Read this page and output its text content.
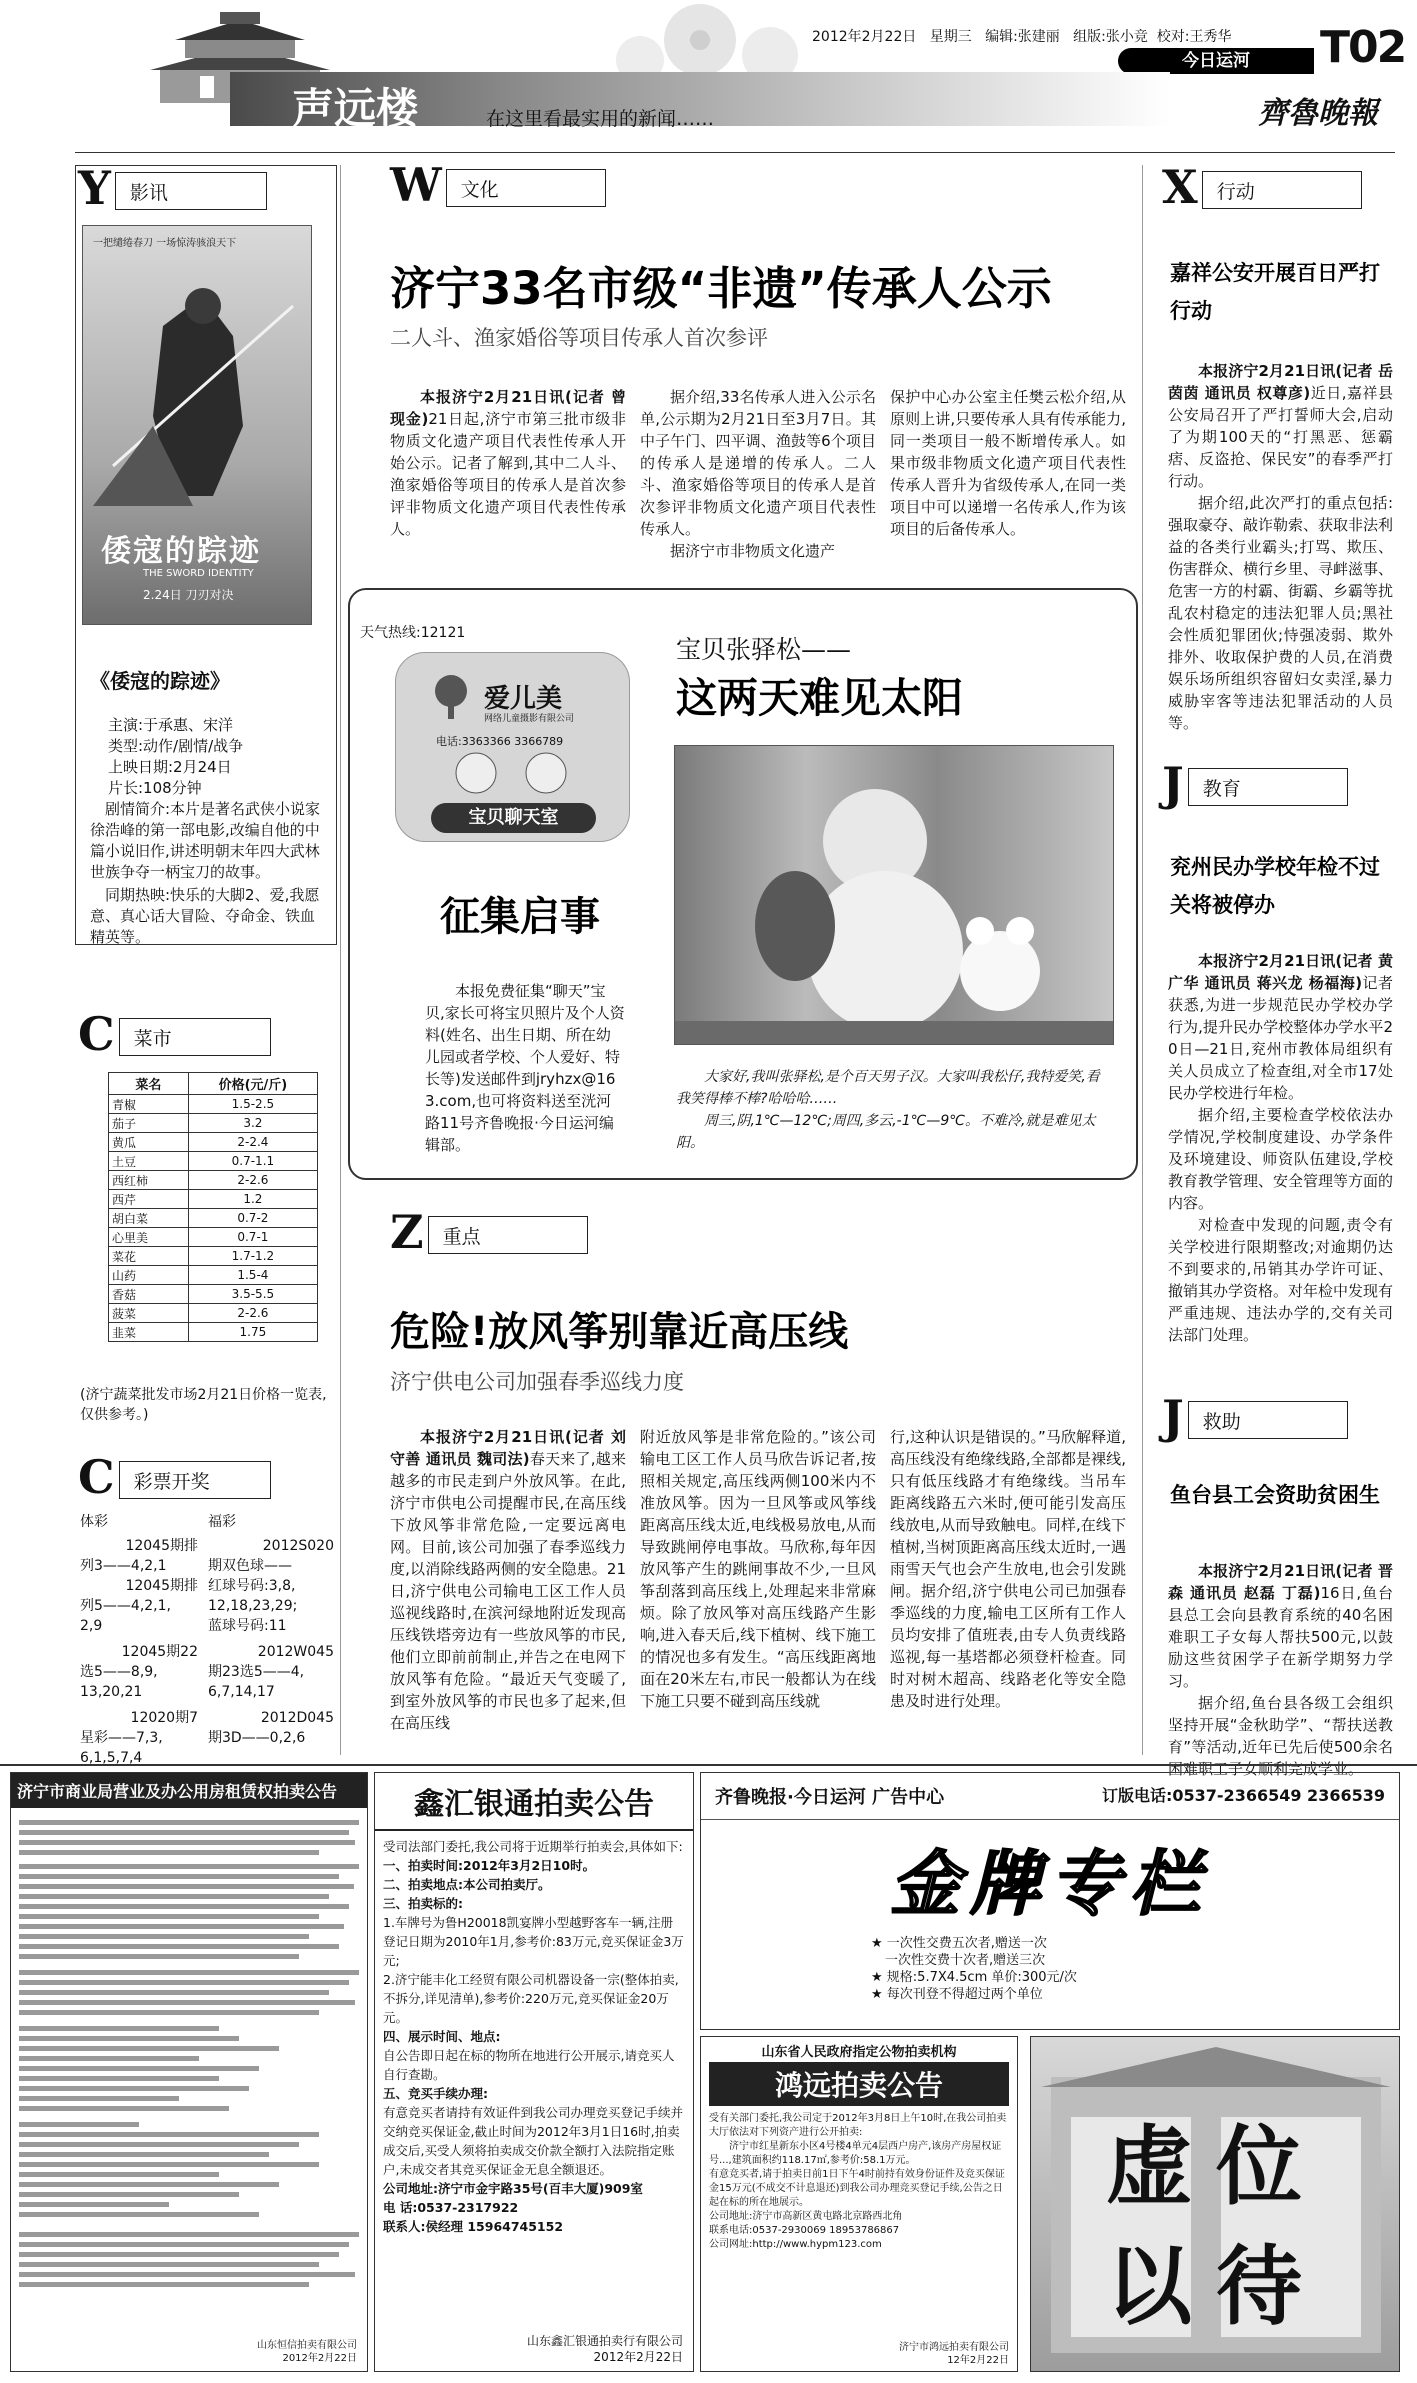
2012年2月22日 星期三 编辑:张建丽 组版:张小竞 校对:王秀华
今日运河	T02
齊魯晚報
声远楼	在这里看最实用的新闻……
Y	影讯
一把缱绻春刀 一场惊涛骇浪天下
倭寇的踪迹
THE SWORD IDENTITY
2.24日 刀刃对决
《倭寇的踪迹》

主演:于承惠、宋洋

类型:动作/剧情/战争

上映日期:2月24日

片长:108分钟

剧情简介:本片是著名武侠小说家徐浩峰的第一部电影,改编自他的中篇小说旧作,讲述明朝末年四大武林世族争夺一柄宝刀的故事。

同期热映:快乐的大脚2、爱,我愿意、真心话大冒险、夺命金、铁血精英等。

C	菜市
菜名	价格(元/斤)
青椒	1.5-2.5
茄子	3.2
黄瓜	2-2.4
土豆	0.7-1.1
西红柿	2-2.6
西芹	1.2
胡白菜	0.7-2
心里美	0.7-1
菜花	1.7-1.2
山药	1.5-4
香菇	3.5-5.5
菠菜	2-2.6
韭菜	1.75
(济宁蔬菜批发市场2月21日价格一览表,仅供参考。)
C	彩票开奖

体彩

12045期排

列3——4,2,1

12045期排

列5——4,2,1,

2,9

12045期22

选5——8,9,

13,20,21

12020期7

星彩——7,3,

6,1,5,7,4

福彩

2012S020

期双色球——

红球号码:3,8,

12,18,23,29;

蓝球号码:11

2012W045

期23选5——4,

6,7,14,17

2012D045

期3D——0,2,6

W	文化
济宁33名市级“非遗”传承人公示
二人斗、渔家婚俗等项目传承人首次参评

本报济宁2月21日讯(记者 曾现金)21日起,济宁市第三批市级非物质文化遗产项目代表性传承人开始公示。记者了解到,其中二人斗、渔家婚俗等项目的传承人是首次参评非物质文化遗产项目代表性传承人。

据介绍,33名传承人进入公示名单,公示期为2月21日至3月7日。其中子午门、四平调、渔鼓等6个项目的传承人是递增的传承人。二人斗、渔家婚俗等项目的传承人是首次参评非物质文化遗产项目代表性传承人。

据济宁市非物质文化遗产

保护中心办公室主任樊云松介绍,从原则上讲,只要传承人具有传承能力,同一类项目一般不断增传承人。如果市级非物质文化遗产项目代表性传承人晋升为省级传承人,在同一类项目中可以递增一名传承人,作为该项目的后备传承人。

天气热线:12121
爱儿美
网络儿童摄影有限公司
电话:3363366 3366789
宝贝聊天室
征集启事
本报免费征集“聊天”宝贝,家长可将宝贝照片及个人资料(姓名、出生日期、所在幼儿园或者学校、个人爱好、特长等)发送邮件到jryhzx@163.com,也可将资料送至洸河路11号齐鲁晚报·今日运河编辑部。
宝贝张驿松——
这两天难见太阳
大家好,我叫张驿松,是个百天男子汉。大家叫我松仔,我特爱笑,看我笑得棒不棒?哈哈哈……
周三,阴,1℃—12℃;周四,多云,-1℃—9℃。不难冷,就是难见太阳。
Z	重点
危险!放风筝别靠近高压线
济宁供电公司加强春季巡线力度

本报济宁2月21日讯(记者 刘守善 通讯员 魏司法)春天来了,越来越多的市民走到户外放风筝。在此,济宁市供电公司提醒市民,在高压线下放风筝非常危险,一定要远离电网。目前,该公司加强了春季巡线力度,以消除线路两侧的安全隐患。21日,济宁供电公司输电工区工作人员巡视线路时,在滨河绿地附近发现高压线铁塔旁边有一些放风筝的市民,他们立即前前制止,并告之在电网下放风筝有危险。“最近天气变暖了,到室外放风筝的市民也多了起来,但在高压线

附近放风筝是非常危险的。”该公司输电工区工作人员马欣告诉记者,按照相关规定,高压线两侧100米内不准放风筝。因为一旦风筝或风筝线距离高压线太近,电线极易放电,从而导致跳闸停电事故。马欣称,每年因放风筝产生的跳闸事故不少,一旦风筝刮落到高压线上,处理起来非常麻烦。除了放风筝对高压线路产生影响,进入春天后,线下植树、线下施工的情况也多有发生。“高压线距离地面在20米左右,市民一般都认为在线下施工只要不碰到高压线就

行,这种认识是错误的。”马欣解释道,高压线没有绝缘线路,全部都是裸线,只有低压线路才有绝缘线。当吊车距离线路五六米时,便可能引发高压线放电,从而导致触电。同样,在线下植树,当树顶距离高压线太近时,一遇雨雪天气也会产生放电,也会引发跳闸。据介绍,济宁供电公司已加强春季巡线的力度,输电工区所有工作人员均安排了值班表,由专人负责线路巡视,每一基塔都必须登杆检查。同时对树木超高、线路老化等安全隐患及时进行处理。

X	行动
嘉祥公安开展百日严打行动

本报济宁2月21日讯(记者 岳茵茵 通讯员 权尊彦)近日,嘉祥县公安局召开了严打誓师大会,启动了为期100天的“打黑恶、惩霸痞、反盗抢、保民安”的春季严打行动。

据介绍,此次严打的重点包括:强取豪夺、敲诈勒索、获取非法利益的各类行业霸头;打骂、欺压、伤害群众、横行乡里、寻衅滋事、危害一方的村霸、街霸、乡霸等扰乱农村稳定的违法犯罪人员;黑社会性质犯罪团伙;恃强凌弱、欺外排外、收取保护费的人员,在消费娱乐场所组织容留妇女卖淫,暴力威胁宰客等违法犯罪活动的人员等。

J	教育
兖州民办学校年检不过关将被停办

本报济宁2月21日讯(记者 黄广华 通讯员 蒋兴龙 杨福海)记者获悉,为进一步规范民办学校办学行为,提升民办学校整体办学水平20日—21日,兖州市教体局组织有关人员成立了检查组,对全市17处民办学校进行年检。

据介绍,主要检查学校依法办学情况,学校制度建设、办学条件及环境建设、师资队伍建设,学校教育教学管理、安全管理等方面的内容。

对检查中发现的问题,责令有关学校进行限期整改;对逾期仍达不到要求的,吊销其办学许可证、撤销其办学资格。对年检中发现有严重违规、违法办学的,交有关司法部门处理。

J	救助
鱼台县工会资助贫困生

本报济宁2月21日讯(记者 晋森 通讯员 赵磊 丁磊)16日,鱼台县总工会向县教育系统的40名困难职工子女每人帮扶500元,以鼓励这些贫困学子在新学期努力学习。

据介绍,鱼台县各级工会组织坚持开展“金秋助学”、“帮扶送教育”等活动,近年已先后使500余名困难职工子女顺利完成学业。

济宁市商业局营业及办公用房租赁权拍卖公告

山东恒信拍卖有限公司

2012年2月22日

鑫汇银通拍卖公告

受司法部门委托,我公司将于近期举行拍卖会,具体如下:

一、拍卖时间:2012年3月2日10时。

二、拍卖地点:本公司拍卖厅。

三、拍卖标的:

1.车牌号为鲁H20018凯宴牌小型越野客车一辆,注册登记日期为2010年1月,参考价:83万元,竞买保证金3万元;

2.济宁能丰化工经贸有限公司机器设备一宗(整体拍卖,不拆分,详见清单),参考价:220万元,竞买保证金20万元。

四、展示时间、地点:

自公告即日起在标的物所在地进行公开展示,请竞买人自行查勘。

五、竞买手续办理:

有意竞买者请持有效证件到我公司办理竞买登记手续并交纳竞买保证金,截止时间为2012年3月1日16时,拍卖成交后,买受人须将拍卖成交价款全额打入法院指定账户,未成交者其竞买保证金无息全额退还。

公司地址:济宁市金宇路35号(百丰大厦)909室

电 话:0537-2317922

联系人:侯经理 15964745152

山东鑫汇银通拍卖行有限公司

2012年2月22日

齐鲁晚报·今日运河 广告中心	订版电话:0537-2366549 2366539
金牌专栏

★ 一次性交费五次者,赠送一次

一次性交费十次者,赠送三次

★ 规格:5.7X4.5cm 单价:300元/次

★ 每次刊登不得超过两个单位

山东省人民政府指定公物拍卖机构
鸿远拍卖公告

受有关部门委托,我公司定于2012年3月8日上午10时,在我公司拍卖大厅依法对下列资产进行公开拍卖:

济宁市红星新东小区4号楼4单元4层西户房产,该房产房屋权证号...,建筑面积约118.17㎡,参考价:58.1万元。

有意竞买者,请于拍卖日前1日下午4时前持有效身份证件及竞买保证金15万元(不成交不计息退还)到我公司办理竞买登记手续,公告之日起在标的所在地展示。

公司地址:济宁市高新区黄屯路北京路西北角

联系电话:0537-2930069 18953786867

公司网址:http://www.hypm123.com

济宁市鸿远拍卖有限公司

12年2月22日

虚位以待
